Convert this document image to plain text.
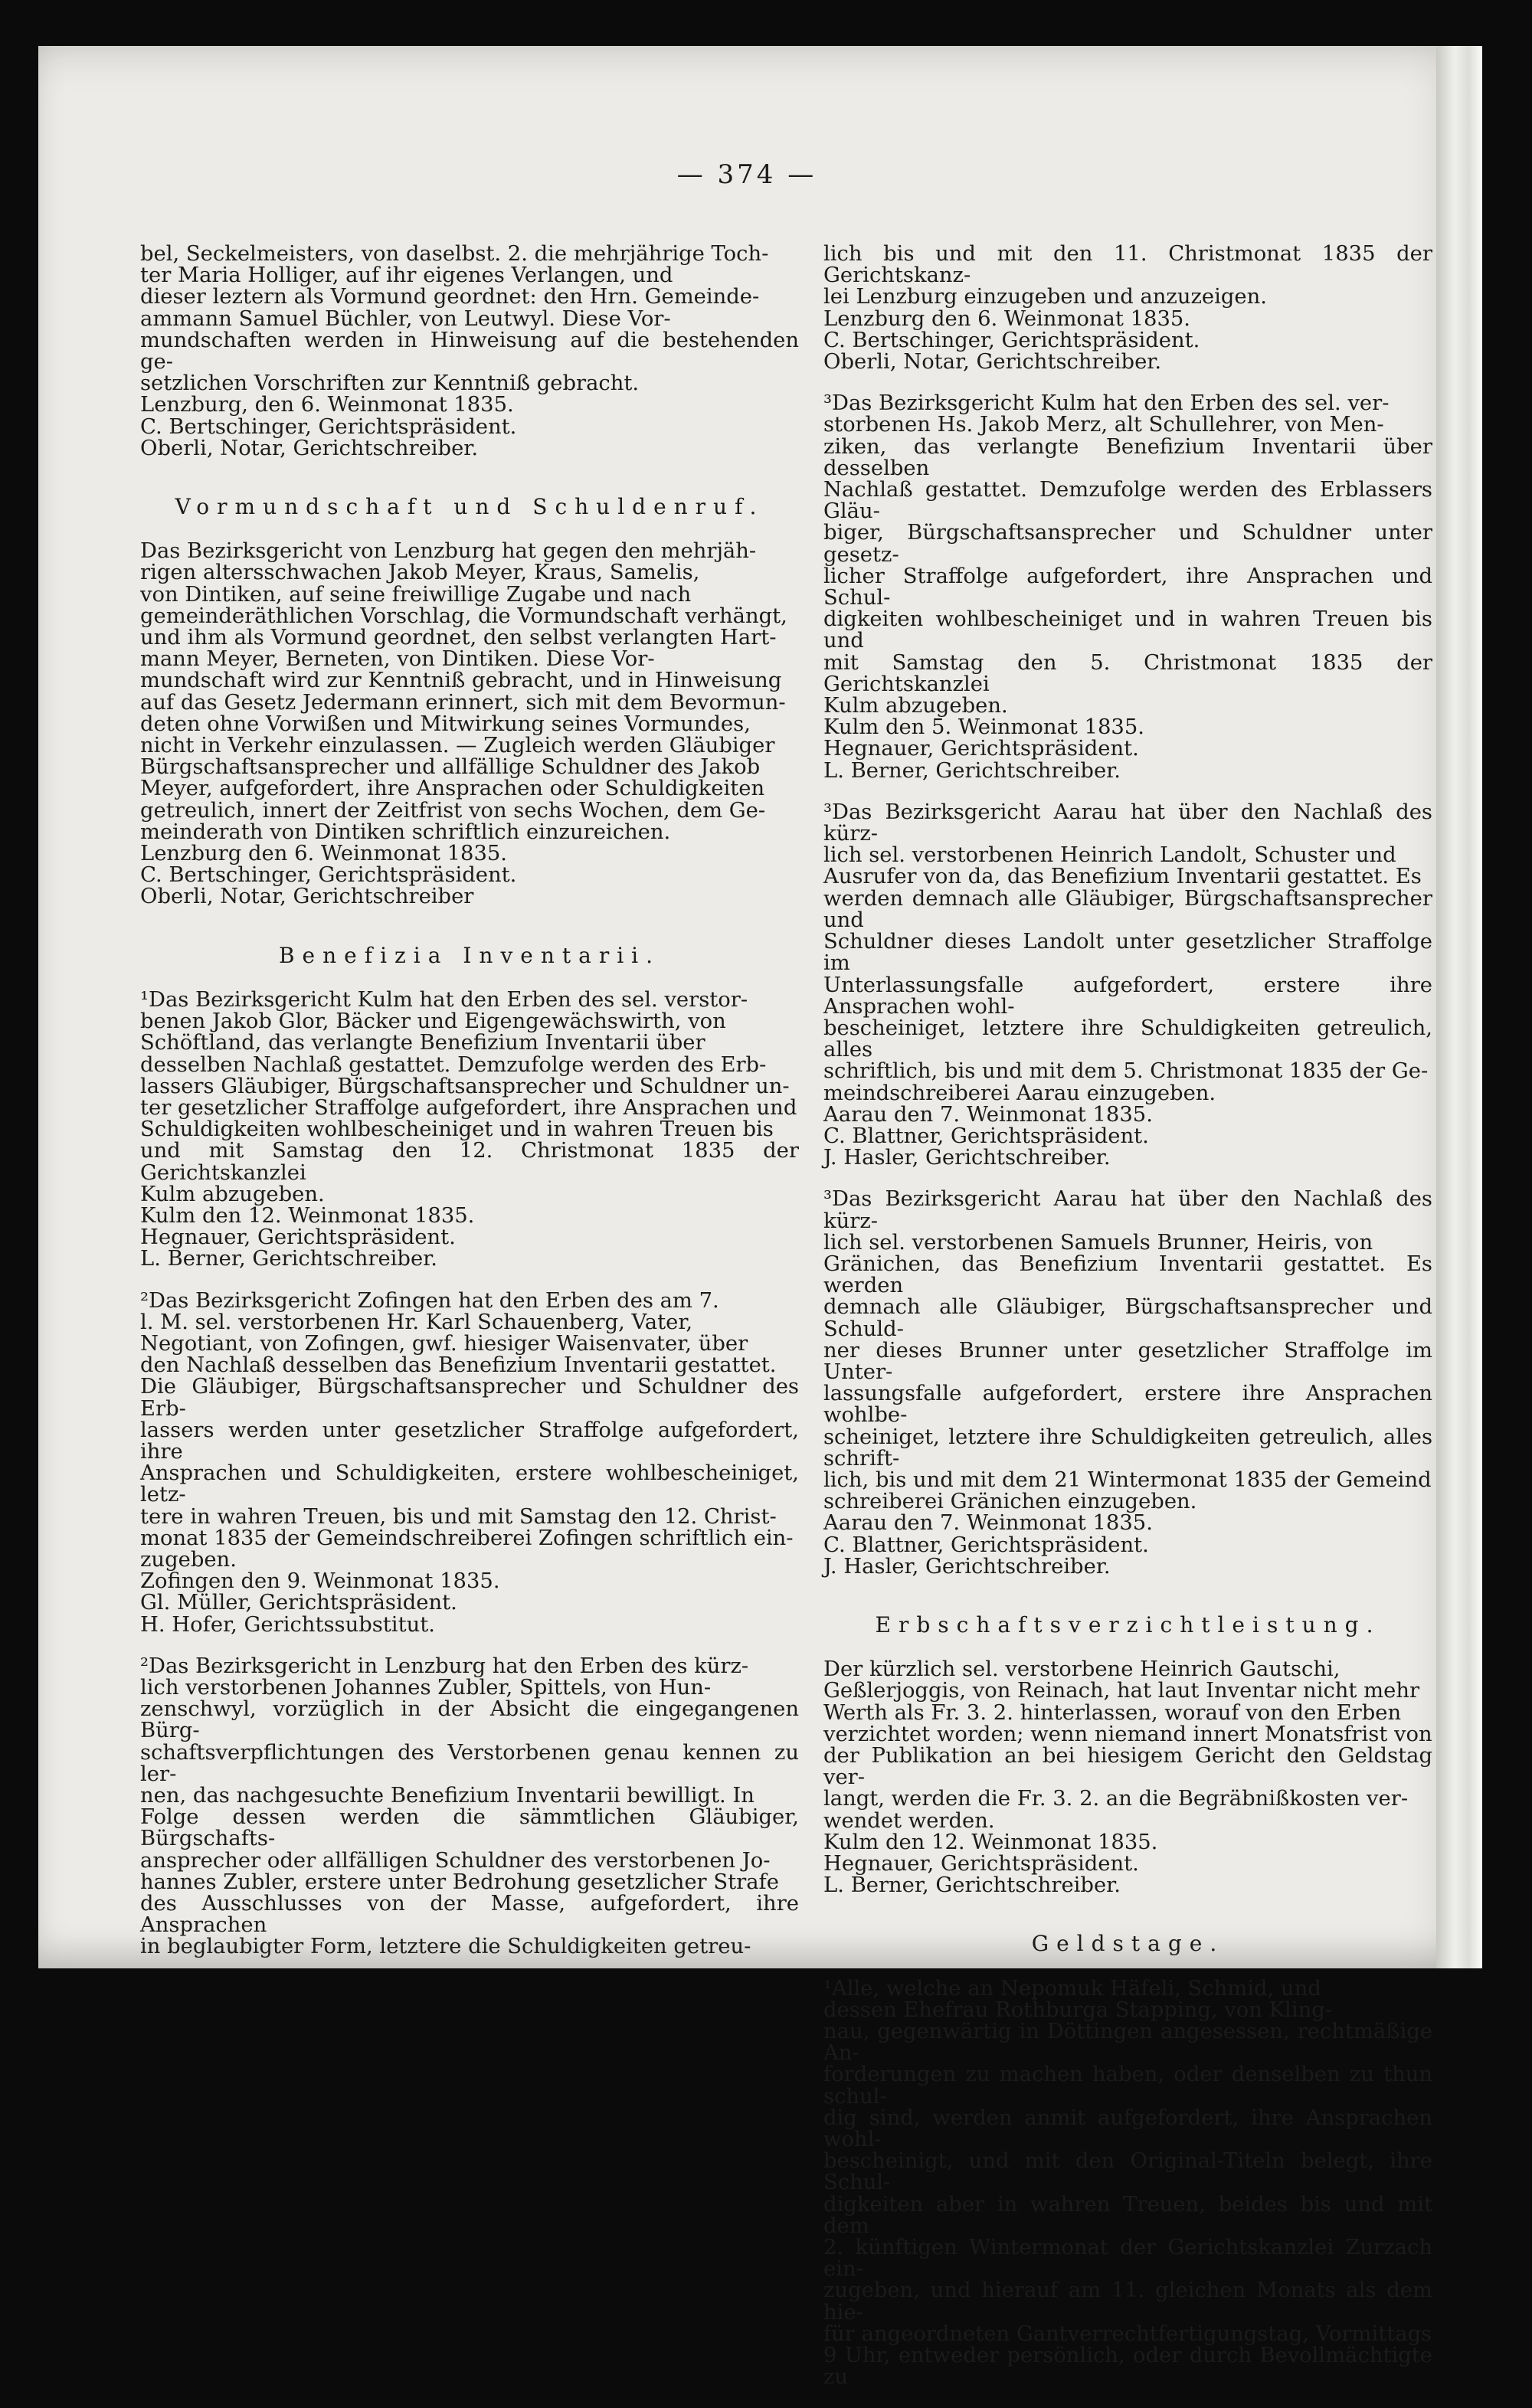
— 374 —

bel, Seckelmeisters, von daselbst. 2. die mehrjährige Toch-

ter Maria Holliger, auf ihr eigenes Verlangen, und

dieser leztern als Vormund geordnet: den Hrn. Gemeinde-

ammann Samuel Büchler, von Leutwyl. Diese Vor-

mundschaften werden in Hinweisung auf die bestehenden ge-

setzlichen Vorschriften zur Kenntniß gebracht.

Lenzburg, den 6. Weinmonat 1835.

C. Bertschinger, Gerichtspräsident.

Oberli, Notar, Gerichtschreiber.

Vormundschaft und Schuldenruf.

Das Bezirksgericht von Lenzburg hat gegen den mehrjäh-

rigen altersschwachen Jakob Meyer, Kraus, Samelis,

von Dintiken, auf seine freiwillige Zugabe und nach

gemeinderäthlichen Vorschlag, die Vormundschaft verhängt,

und ihm als Vormund geordnet, den selbst verlangten Hart-

mann Meyer, Berneten, von Dintiken. Diese Vor-

mundschaft wird zur Kenntniß gebracht, und in Hinweisung

auf das Gesetz Jedermann erinnert, sich mit dem Bevormun-

deten ohne Vorwißen und Mitwirkung seines Vormundes,

nicht in Verkehr einzulassen. — Zugleich werden Gläubiger

Bürgschaftsansprecher und allfällige Schuldner des Jakob

Meyer, aufgefordert, ihre Ansprachen oder Schuldigkeiten

getreulich, innert der Zeitfrist von sechs Wochen, dem Ge-

meinderath von Dintiken schriftlich einzureichen.

Lenzburg den 6. Weinmonat 1835.

C. Bertschinger, Gerichtspräsident.

Oberli, Notar, Gerichtschreiber

Benefizia Inventarii.

¹Das Bezirksgericht Kulm hat den Erben des sel. verstor-

benen Jakob Glor, Bäcker und Eigengewächswirth, von

Schöftland, das verlangte Benefizium Inventarii über

desselben Nachlaß gestattet. Demzufolge werden des Erb-

lassers Gläubiger, Bürgschaftsansprecher und Schuldner un-

ter gesetzlicher Straffolge aufgefordert, ihre Ansprachen und

Schuldigkeiten wohlbescheiniget und in wahren Treuen bis

und mit Samstag den 12. Christmonat 1835 der Gerichtskanzlei

Kulm abzugeben.

Kulm den 12. Weinmonat 1835.

Hegnauer, Gerichtspräsident.

L. Berner, Gerichtschreiber.

²Das Bezirksgericht Zofingen hat den Erben des am 7.

l. M. sel. verstorbenen Hr. Karl Schauenberg, Vater,

Negotiant, von Zofingen, gwf. hiesiger Waisenvater, über

den Nachlaß desselben das Benefizium Inventarii gestattet.

Die Gläubiger, Bürgschaftsansprecher und Schuldner des Erb-

lassers werden unter gesetzlicher Straffolge aufgefordert, ihre

Ansprachen und Schuldigkeiten, erstere wohlbescheiniget, letz-

tere in wahren Treuen, bis und mit Samstag den 12. Christ-

monat 1835 der Gemeindschreiberei Zofingen schriftlich ein-

zugeben.

Zofingen den 9. Weinmonat 1835.

Gl. Müller, Gerichtspräsident.

H. Hofer, Gerichtssubstitut.

²Das Bezirksgericht in Lenzburg hat den Erben des kürz-

lich verstorbenen Johannes Zubler, Spittels, von Hun-

zenschwyl, vorzüglich in der Absicht die eingegangenen Bürg-

schaftsverpflichtungen des Verstorbenen genau kennen zu ler-

nen, das nachgesuchte Benefizium Inventarii bewilligt. In

Folge dessen werden die sämmtlichen Gläubiger, Bürgschafts-

ansprecher oder allfälligen Schuldner des verstorbenen Jo-

hannes Zubler, erstere unter Bedrohung gesetzlicher Strafe

des Ausschlusses von der Masse, aufgefordert, ihre Ansprachen

in beglaubigter Form, letztere die Schuldigkeiten getreu-

lich bis und mit den 11. Christmonat 1835 der Gerichtskanz-

lei Lenzburg einzugeben und anzuzeigen.

Lenzburg den 6. Weinmonat 1835.

C. Bertschinger, Gerichtspräsident.

Oberli, Notar, Gerichtschreiber.

³Das Bezirksgericht Kulm hat den Erben des sel. ver-

storbenen Hs. Jakob Merz, alt Schullehrer, von Men-

ziken, das verlangte Benefizium Inventarii über desselben

Nachlaß gestattet. Demzufolge werden des Erblassers Gläu-

biger, Bürgschaftsansprecher und Schuldner unter gesetz-

licher Straffolge aufgefordert, ihre Ansprachen und Schul-

digkeiten wohlbescheiniget und in wahren Treuen bis und

mit Samstag den 5. Christmonat 1835 der Gerichtskanzlei

Kulm abzugeben.

Kulm den 5. Weinmonat 1835.

Hegnauer, Gerichtspräsident.

L. Berner, Gerichtschreiber.

³Das Bezirksgericht Aarau hat über den Nachlaß des kürz-

lich sel. verstorbenen Heinrich Landolt, Schuster und

Ausrufer von da, das Benefizium Inventarii gestattet. Es

werden demnach alle Gläubiger, Bürgschaftsansprecher und

Schuldner dieses Landolt unter gesetzlicher Straffolge im

Unterlassungsfalle aufgefordert, erstere ihre Ansprachen wohl-

bescheiniget, letztere ihre Schuldigkeiten getreulich, alles

schriftlich, bis und mit dem 5. Christmonat 1835 der Ge-

meindschreiberei Aarau einzugeben.

Aarau den 7. Weinmonat 1835.

C. Blattner, Gerichtspräsident.

J. Hasler, Gerichtschreiber.

³Das Bezirksgericht Aarau hat über den Nachlaß des kürz-

lich sel. verstorbenen Samuels Brunner, Heiris, von

Gränichen, das Benefizium Inventarii gestattet. Es werden

demnach alle Gläubiger, Bürgschaftsansprecher und Schuld-

ner dieses Brunner unter gesetzlicher Straffolge im Unter-

lassungsfalle aufgefordert, erstere ihre Ansprachen wohlbe-

scheiniget, letztere ihre Schuldigkeiten getreulich, alles schrift-

lich, bis und mit dem 21 Wintermonat 1835 der Gemeind

schreiberei Gränichen einzugeben.

Aarau den 7. Weinmonat 1835.

C. Blattner, Gerichtspräsident.

J. Hasler, Gerichtschreiber.

Erbschaftsverzichtleistung.

Der kürzlich sel. verstorbene Heinrich Gautschi,

Geßlerjoggis, von Reinach, hat laut Inventar nicht mehr

Werth als Fr. 3. 2. hinterlassen, worauf von den Erben

verzichtet worden; wenn niemand innert Monatsfrist von

der Publikation an bei hiesigem Gericht den Geldstag ver-

langt, werden die Fr. 3. 2. an die Begräbnißkosten ver-

wendet werden.

Kulm den 12. Weinmonat 1835.

Hegnauer, Gerichtspräsident.

L. Berner, Gerichtschreiber.

Geldstage.

¹Alle, welche an Nepomuk Häfeli, Schmid, und

dessen Ehefrau Rothburga Stapping, von Kling-

nau, gegenwärtig in Döttingen angesessen, rechtmäßige An-

forderungen zu machen haben, oder denselben zu thun schul-

dig sind, werden anmit aufgefordert, ihre Ansprachen wohl-

bescheinigt, und mit den Original-Titeln belegt, ihre Schul-

digkeiten aber in wahren Treuen, beides bis und mit dem

2. künftigen Wintermonat der Gerichtskanzlei Zurzach ein-

zugeben, und hierauf am 11. gleichen Monats als dem hie-

für angeordneten Gantverrechtfertigungstag, Vormittags

9 Uhr, entweder persönlich, oder durch Bevollmächtigte zu
